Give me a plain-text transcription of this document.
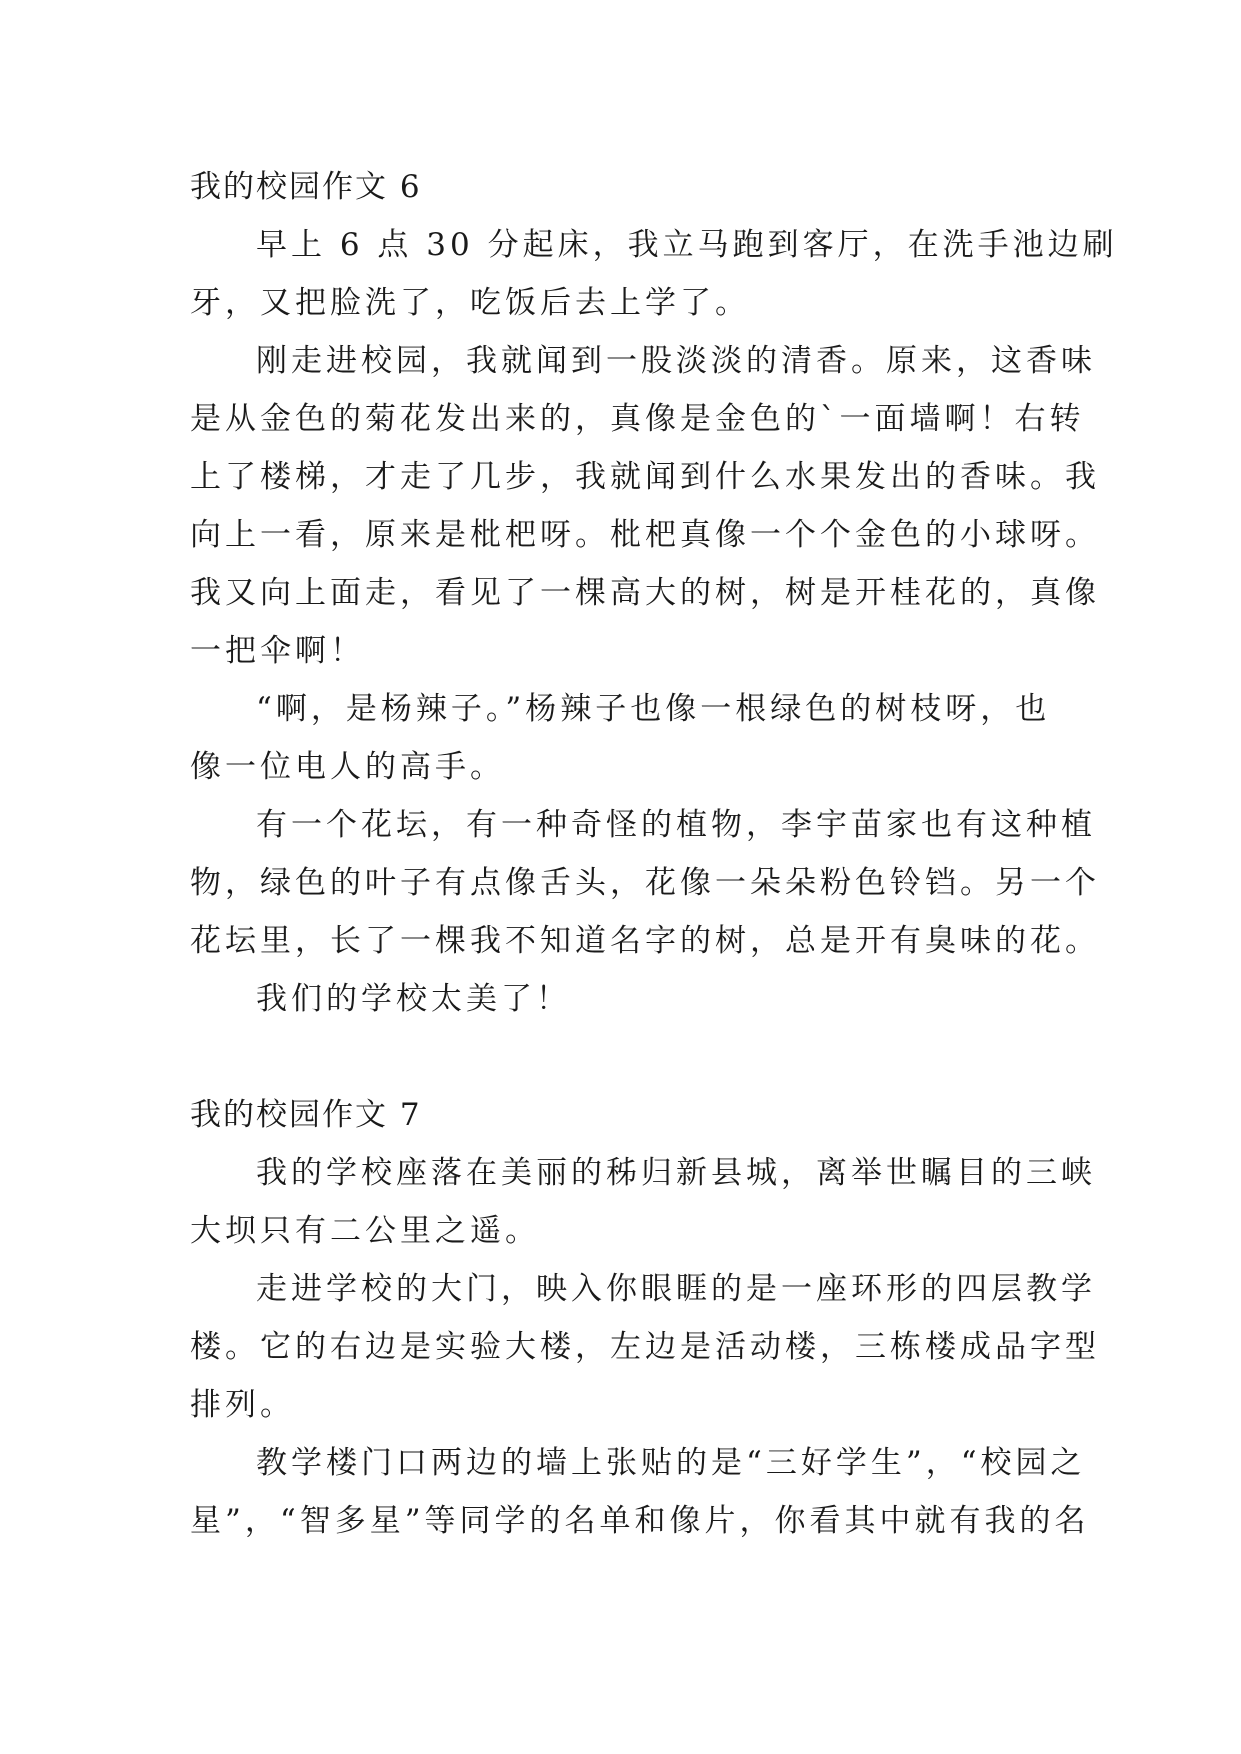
我的校园作文 6
早上 6 点 30 分起床，我立马跑到客厅，在洗手池边刷
牙，又把脸洗了，吃饭后去上学了。
刚走进校园，我就闻到一股淡淡的清香。原来，这香味
是从金色的菊花发出来的，真像是金色的`一面墙啊！右转
上了楼梯，才走了几步，我就闻到什么水果发出的香味。我
向上一看，原来是枇杷呀。枇杷真像一个个金色的小球呀。
我又向上面走，看见了一棵高大的树，树是开桂花的，真像
一把伞啊！
“啊，是杨辣子。”杨辣子也像一根绿色的树枝呀，也
像一位电人的高手。
有一个花坛，有一种奇怪的植物，李宇苗家也有这种植
物，绿色的叶子有点像舌头，花像一朵朵粉色铃铛。另一个
花坛里，长了一棵我不知道名字的树，总是开有臭味的花。
我们的学校太美了！
我的校园作文 7
我的学校座落在美丽的秭归新县城，离举世瞩目的三峡
大坝只有二公里之遥。
走进学校的大门，映入你眼睚的是一座环形的四层教学
楼。它的右边是实验大楼，左边是活动楼，三栋楼成品字型
排列。
教学楼门口两边的墙上张贴的是“三好学生”，“校园之
星”，“智多星”等同学的名单和像片，你看其中就有我的名
